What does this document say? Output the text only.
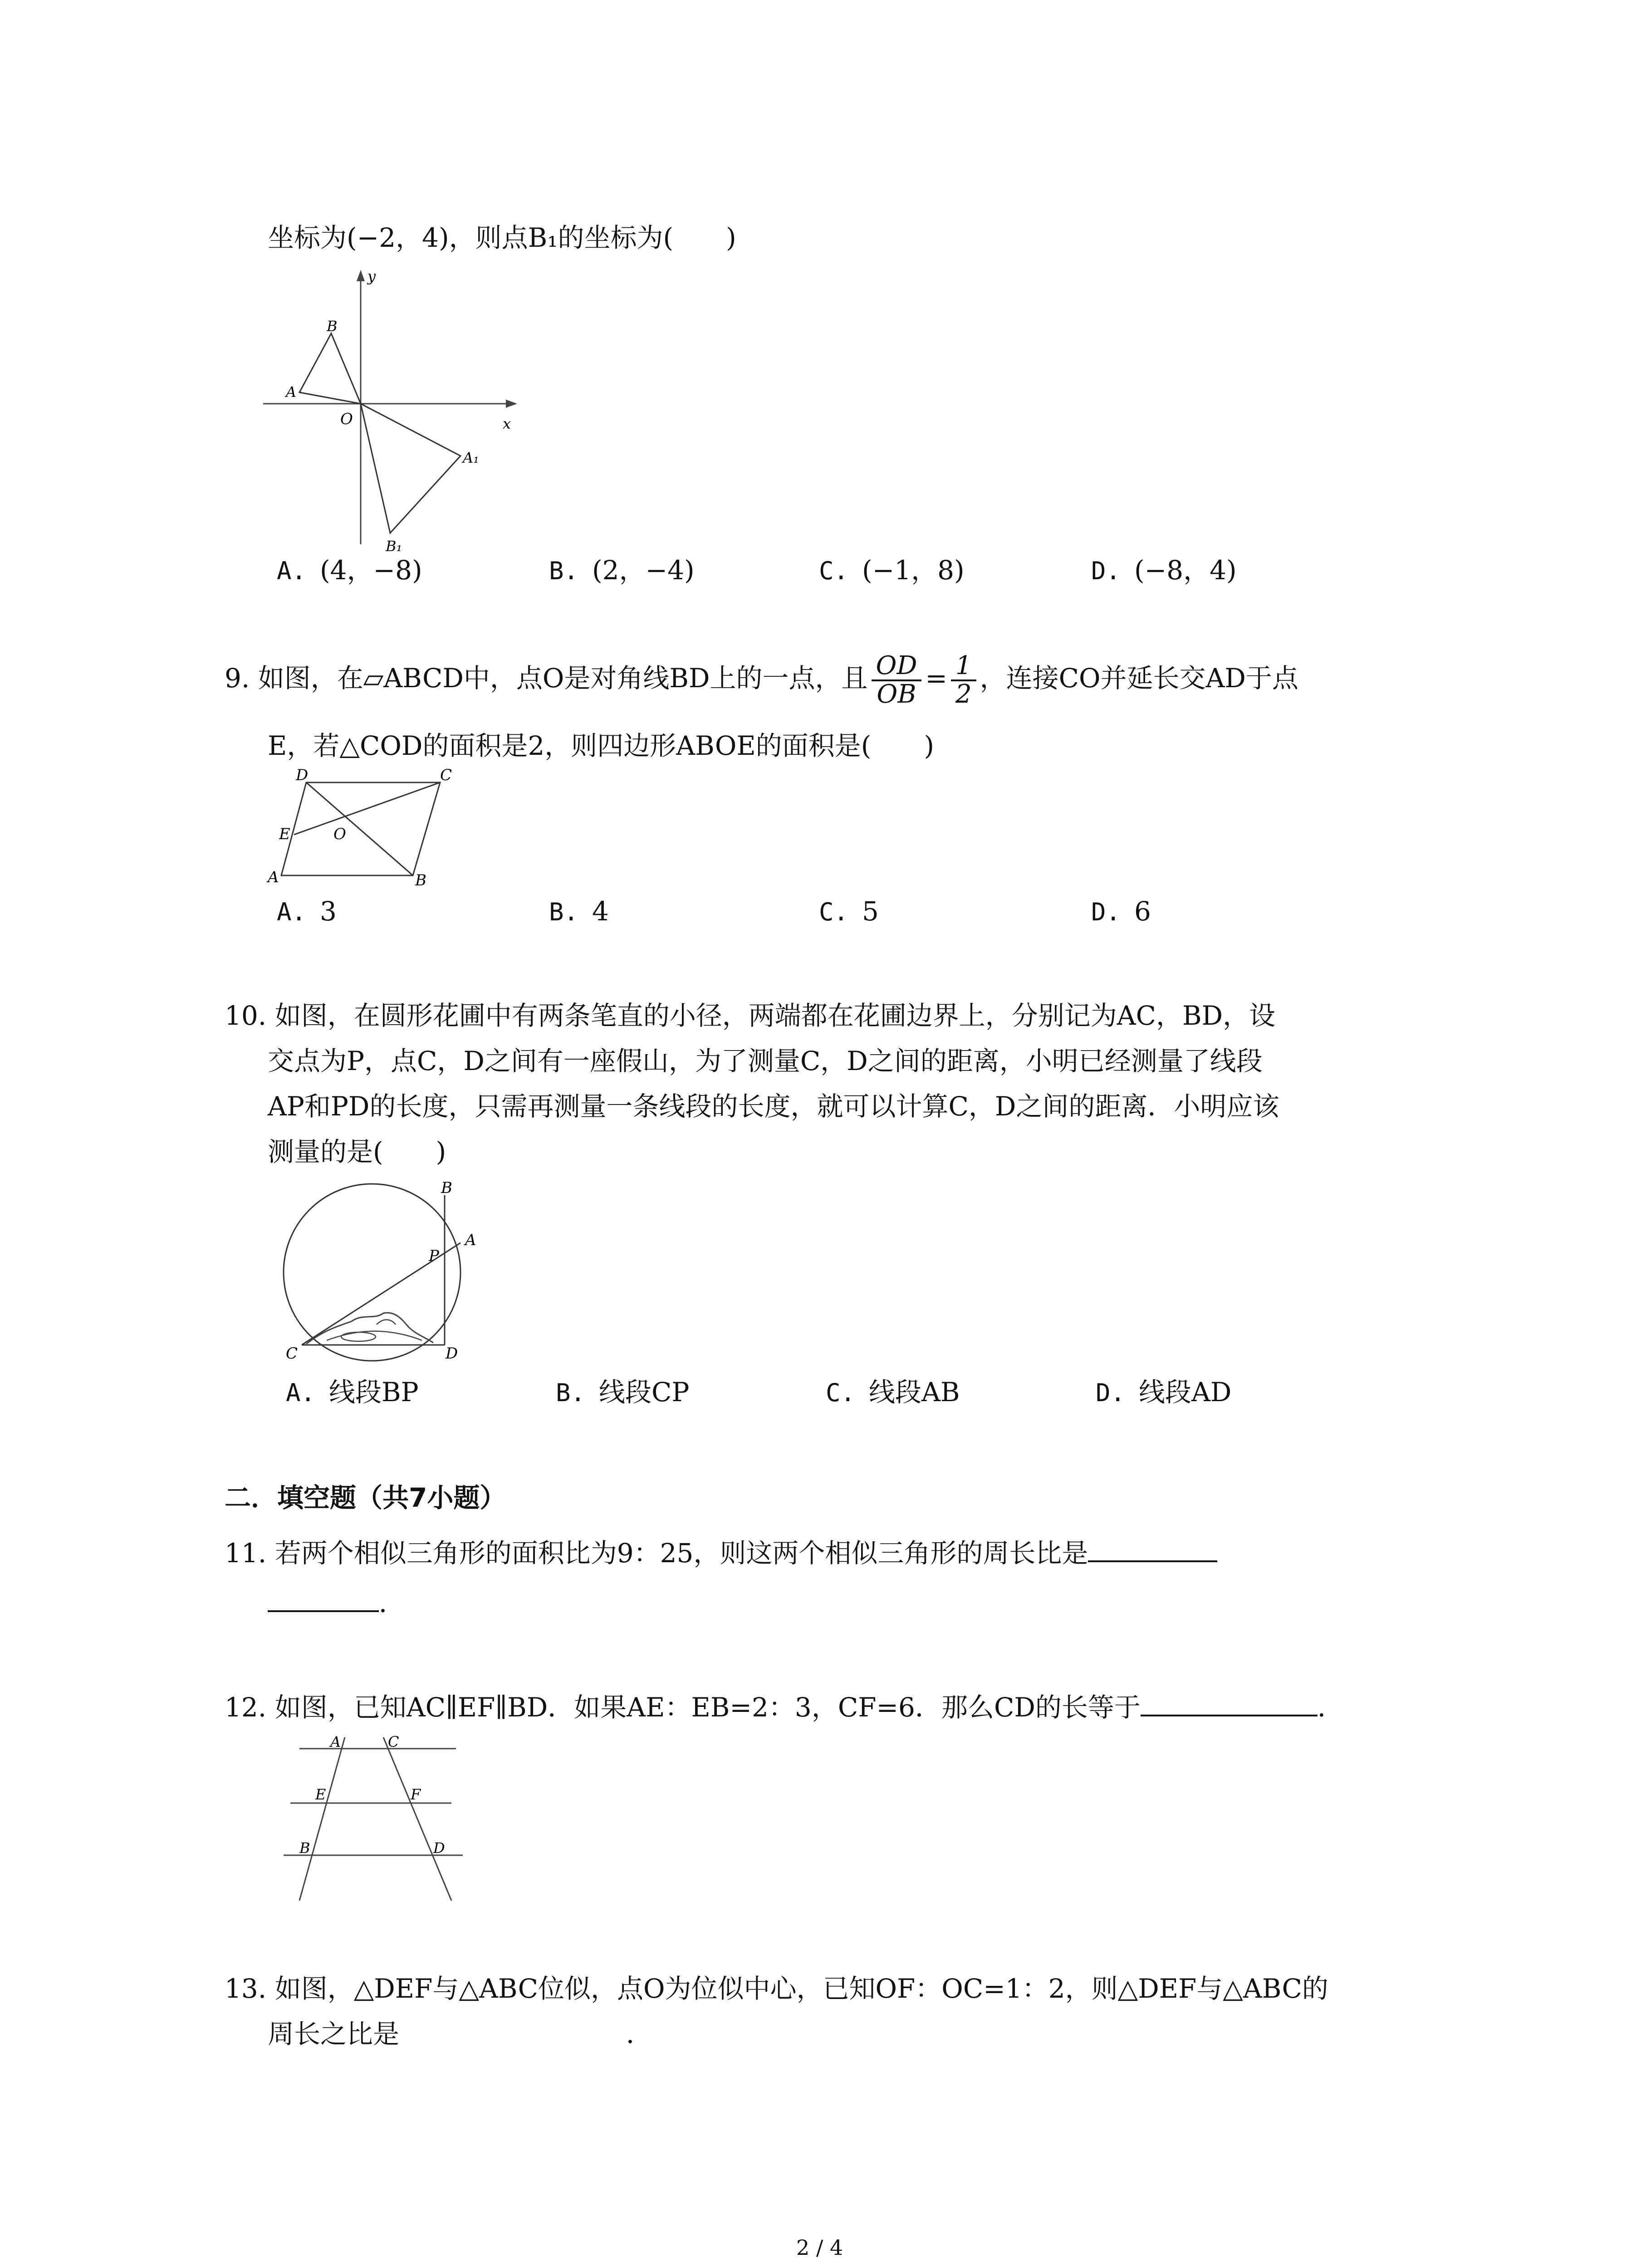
坐标为(−2，4)，则点B₁的坐标为(　　)
y
x
O
A
B
A₁
B₁
A. (4，−8)	B. (2，−4)	C. (−1，8)	D. (−8，4)
9. 如图，在▱ABCD中，点O是对角线BD上的一点，且 $\frac{OD}{OB} = \frac{1}{2}$ ，连接CO并延长交AD于点
E，若△COD的面积是2，则四边形ABOE的面积是(　　)
D	C
E	O
A	B
A. 3	B. 4	C. 5	D. 6
10. 如图，在圆形花圃中有两条笔直的小径，两端都在花圃边界上，分别记为AC，BD，设
交点为P，点C，D之间有一座假山，为了测量C，D之间的距离，小明已经测量了线段
AP和PD的长度，只需再测量一条线段的长度，就可以计算C，D之间的距离．小明应该
测量的是(　　)
B
A
P
C	D
A. 线段BP	B. 线段CP	C. 线段AB	D. 线段AD
二．填空题（共7小题）
11. 若两个相似三角形的面积比为9：25，则这两个相似三角形的周长比是
．
12. 如图，已知AC∥EF∥BD．如果AE：EB=2：3，CF=6．那么CD的长等于	．
A	C
E	F
B	D
13. 如图，△DEF与△ABC位似，点O为位似中心，已知OF：OC=1：2，则△DEF与△ABC的
周长之比是	．
2 / 4
